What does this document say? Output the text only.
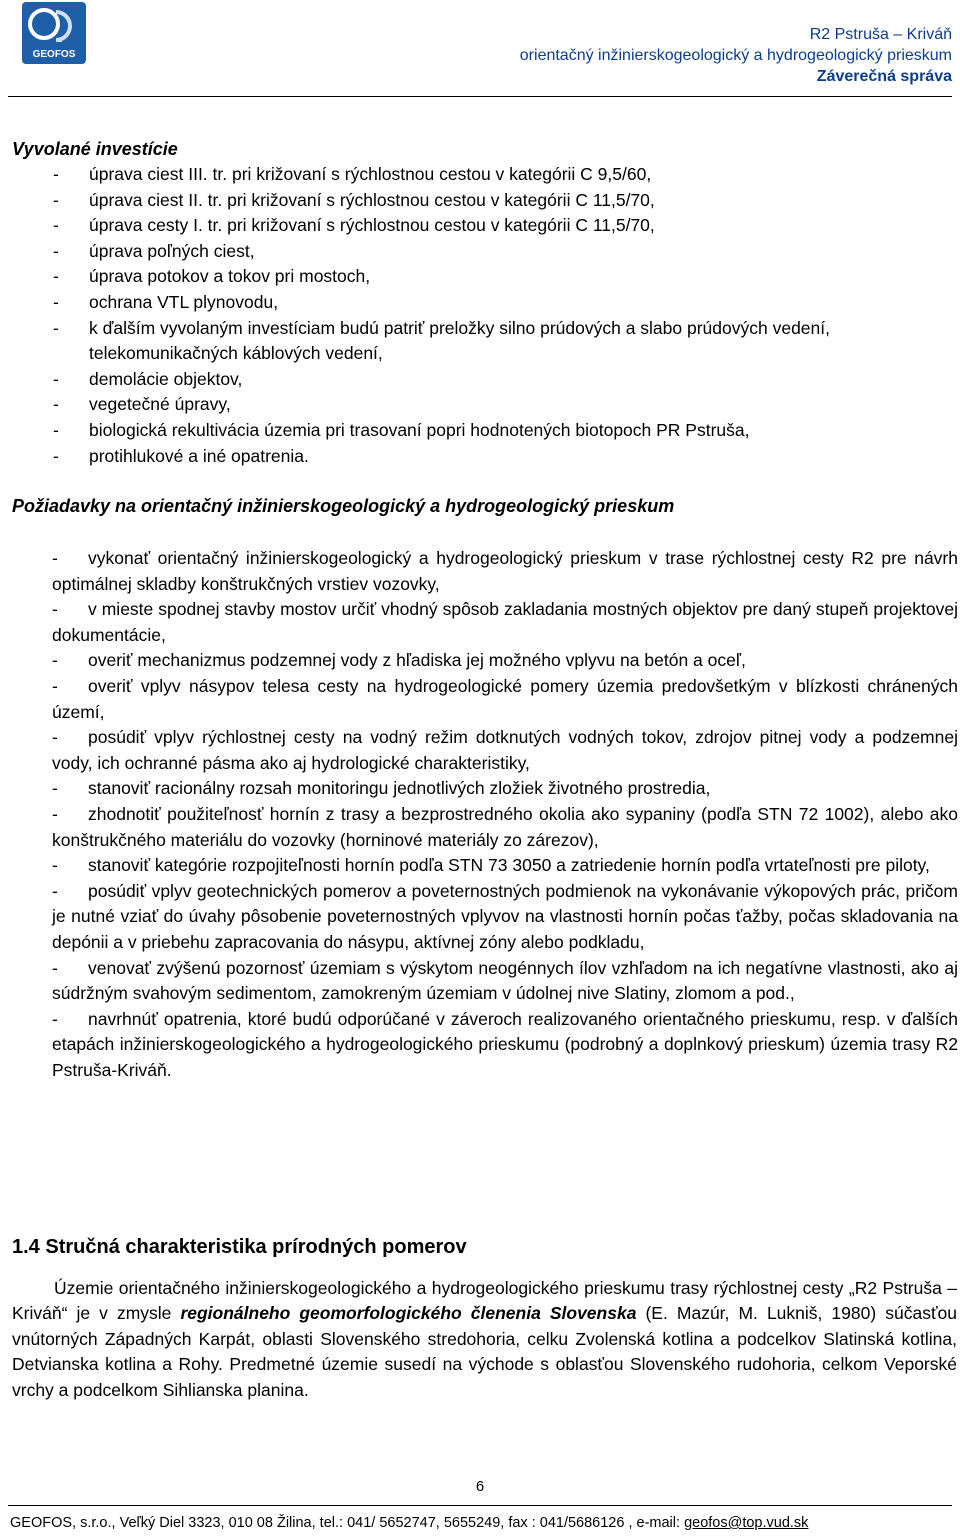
GEOFOS
R2 Pstruša – Kriváň
orientačný inžinierskogeologický a hydrogeologický prieskum
Záverečná správa
Vyvolané investície
- úprava ciest III. tr. pri križovaní s rýchlostnou cestou v kategórii C 9,5/60,
- úprava ciest II. tr. pri križovaní s rýchlostnou cestou v kategórii C 11,5/70,
- úprava cesty I. tr. pri križovaní s rýchlostnou cestou v kategórii C 11,5/70,
- úprava poľných ciest,
- úprava potokov a tokov pri mostoch,
- ochrana VTL plynovodu,
- k ďalším vyvolaným investíciam budú patriť preložky silno prúdových a slabo prúdových vedení, telekomunikačných káblových vedení,
- demolácie objektov,
- vegetečné úpravy,
- biologická rekultivácia územia pri trasovaní popri hodnotených biotopoch PR Pstruša,
- protihlukové a iné opatrenia.
Požiadavky na orientačný inžinierskogeologický a hydrogeologický prieskum
- vykonať orientačný inžinierskogeologický a hydrogeologický prieskum v trase rýchlostnej cesty R2 pre návrh optimálnej skladby konštrukčných vrstiev vozovky,
- v mieste spodnej stavby mostov určiť vhodný spôsob zakladania mostných objektov pre daný stupeň projektovej dokumentácie,
- overiť mechanizmus podzemnej vody z hľadiska jej možného vplyvu na betón a oceľ,
- overiť vplyv násypov telesa cesty na hydrogeologické pomery územia predovšetkým v blízkosti chránených území,
- posúdiť vplyv rýchlostnej cesty na vodný režim dotknutých vodných tokov, zdrojov pitnej vody a podzemnej vody, ich ochranné pásma ako aj hydrologické charakteristiky,
- stanoviť racionálny rozsah monitoringu jednotlivých zložiek životného prostredia,
- zhodnotiť použiteľnosť hornín z trasy a bezprostredného okolia ako sypaniny (podľa STN 72 1002), alebo ako konštrukčného materiálu do vozovky (horninové materiály zo zárezov),
- stanoviť kategórie rozpojiteľnosti hornín podľa STN 73 3050 a zatriedenie hornín podľa vrtateľnosti pre piloty,
- posúdiť vplyv geotechnických pomerov a poveternostných podmienok na vykonávanie výkopových prác, pričom je nutné vziať do úvahy pôsobenie poveternostných vplyvov na vlastnosti hornín počas ťažby, počas skladovania na depónii a v priebehu zapracovania do násypu, aktívnej zóny alebo podkladu,
- venovať zvýšenú pozornosť územiam s výskytom neogénnych ílov vzhľadom na ich negatívne vlastnosti, ako aj súdržným svahovým sedimentom, zamokreným územiam v údolnej nive Slatiny, zlomom a pod.,
- navrhnúť opatrenia, ktoré budú odporúčané v záveroch realizovaného orientačného prieskumu, resp. v ďalších etapách inžinierskogeologického a hydrogeologického prieskumu (podrobný a doplnkový prieskum) územia trasy R2 Pstruša-Kriváň.
1.4 Stručná charakteristika prírodných pomerov
Územie orientačného inžinierskogeologického a hydrogeologického prieskumu trasy rýchlostnej cesty „R2 Pstruša – Kriváň“ je v zmysle regionálneho geomorfologického členenia Slovenska (E. Mazúr, M. Lukniš, 1980) súčasťou vnútorných Západných Karpát, oblasti Slovenského stredohoria, celku Zvolenská kotlina a podcelkov Slatinská kotlina, Detvianska kotlina a Rohy. Predmetné územie susedí na východe s oblasťou Slovenského rudohoria, celkom Veporské vrchy a podcelkom Sihlianska planina.
6
GEOFOS, s.r.o., Veľký Diel 3323, 010 08 Žilina, tel.: 041/ 5652747, 5655249, fax : 041/5686126 , e-mail: geofos@top.vud.sk
